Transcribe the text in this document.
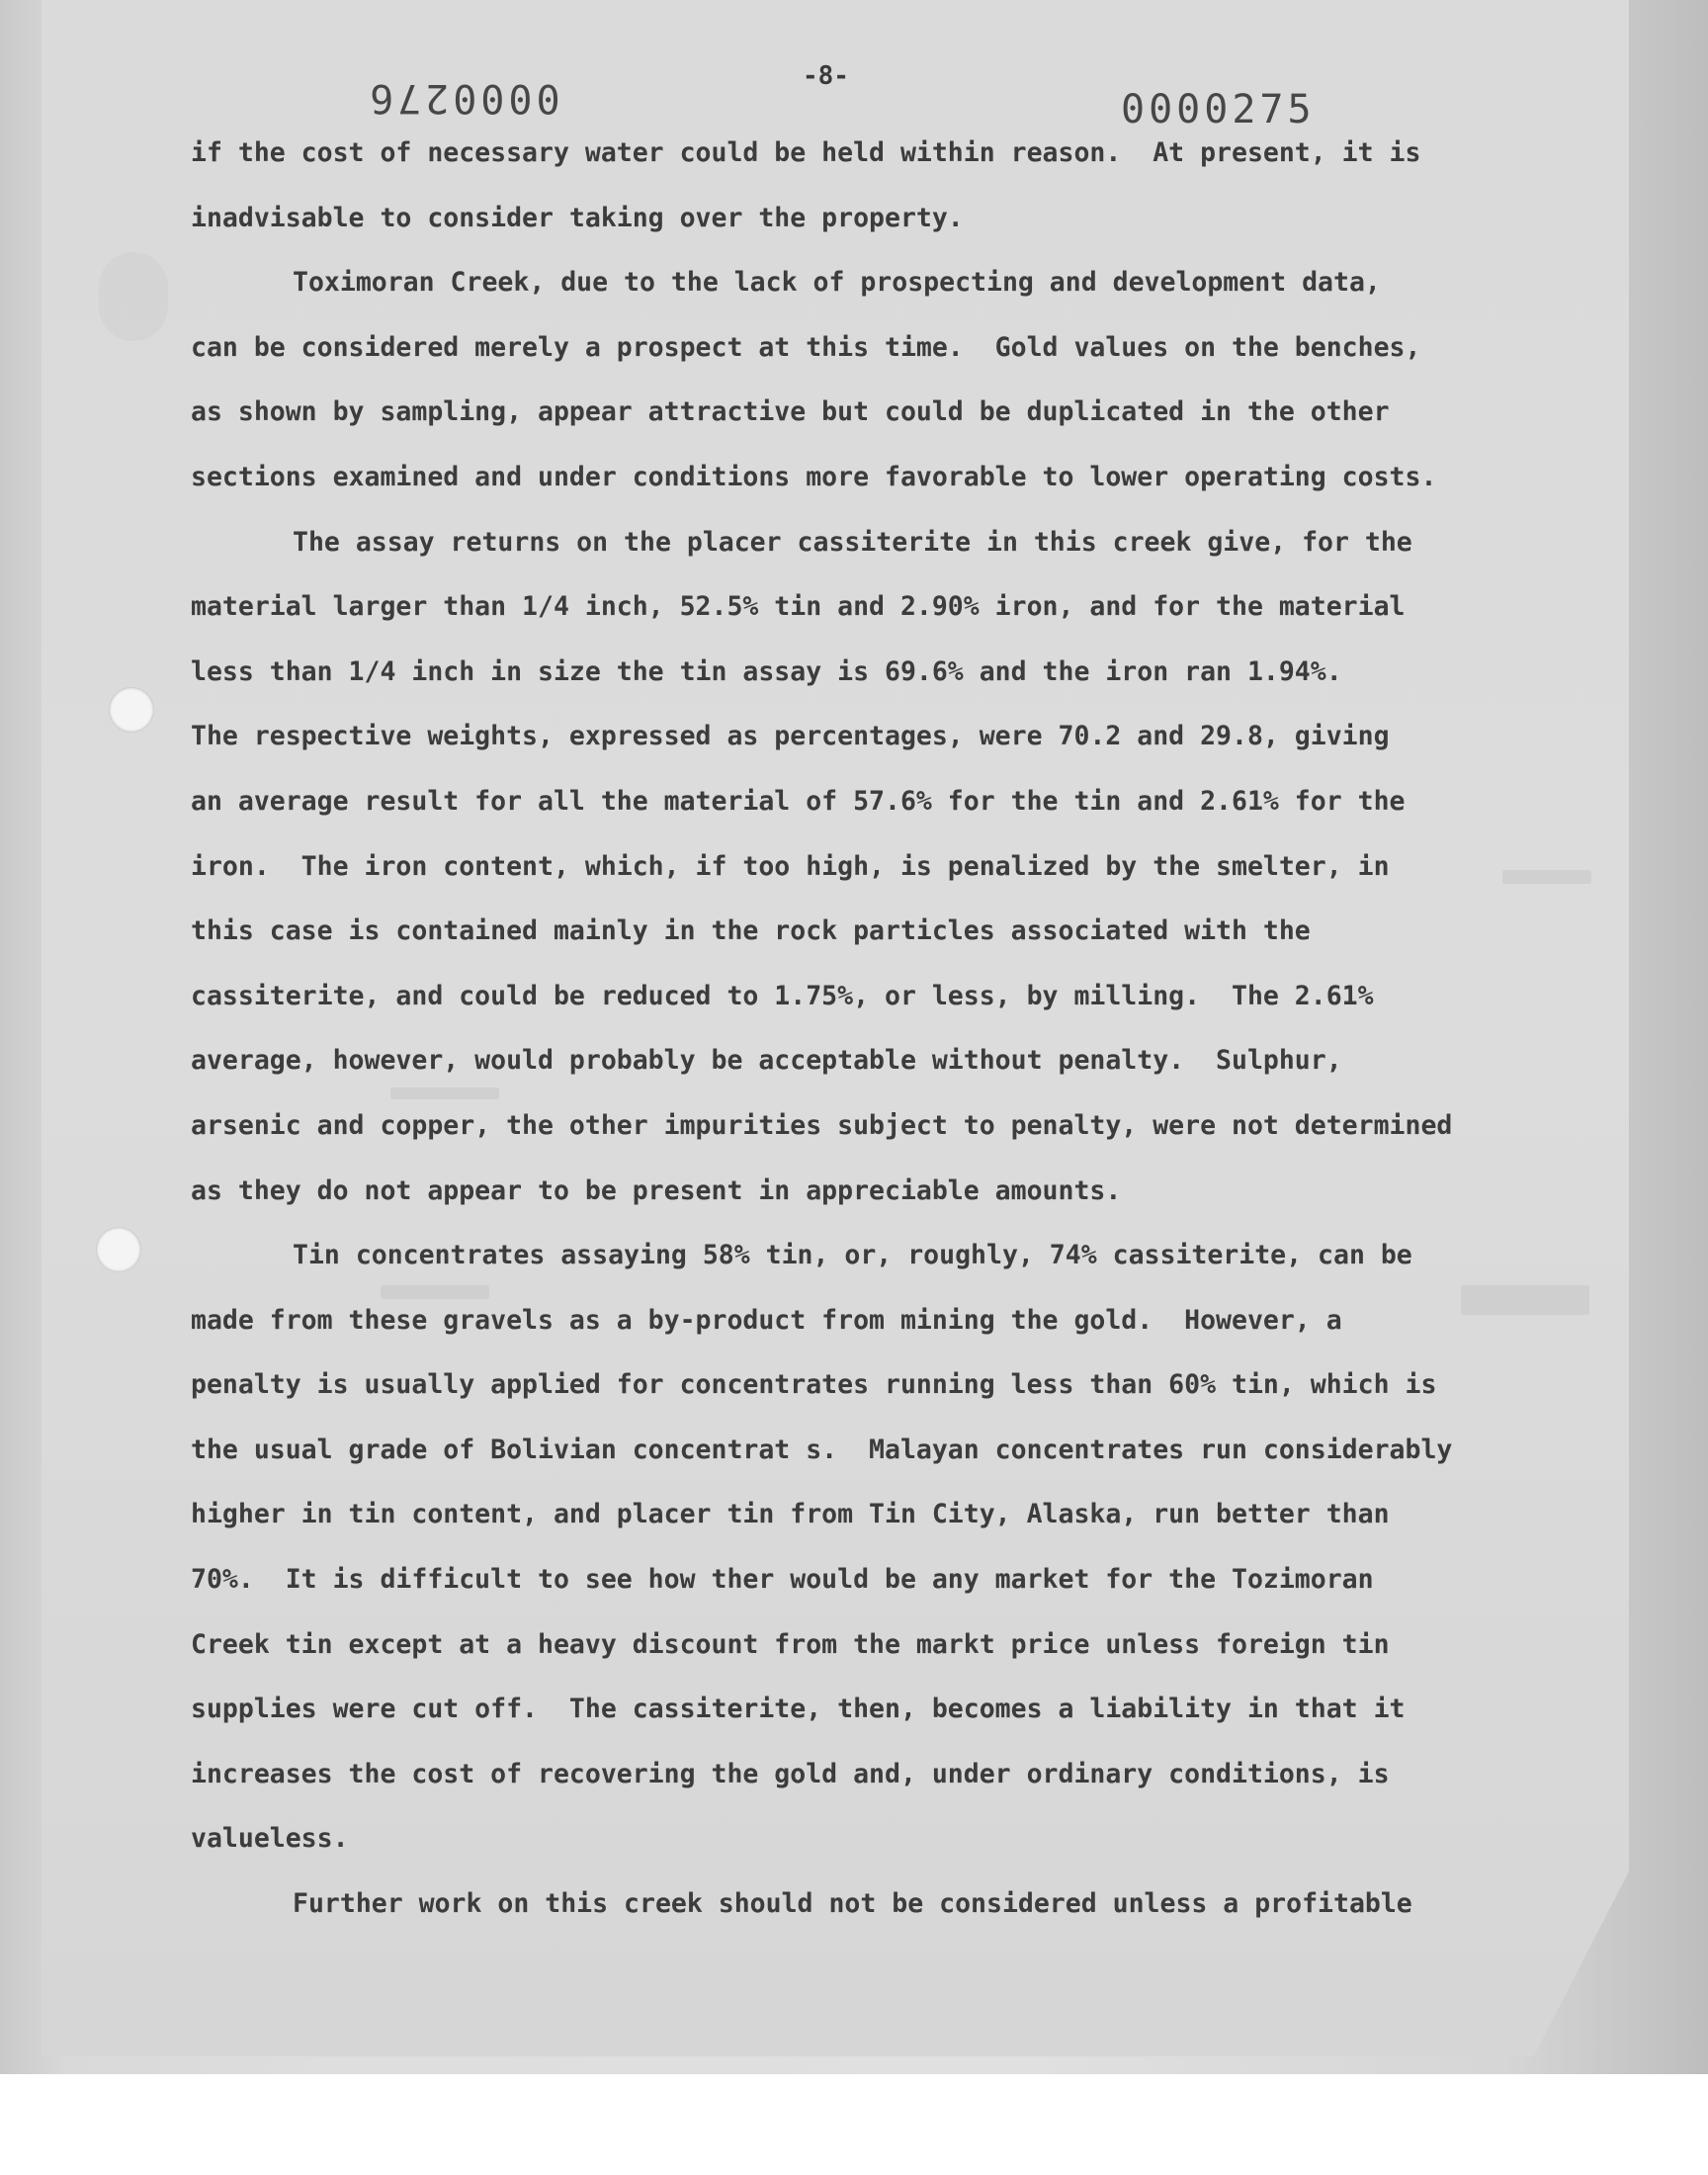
-8-
0000276	0000275

if the cost of necessary water could be held within reason.  At present, it is

inadvisable to consider taking over the property.

Toximoran Creek, due to the lack of prospecting and development data,

can be considered merely a prospect at this time.  Gold values on the benches,

as shown by sampling, appear attractive but could be duplicated in the other

sections examined and under conditions more favorable to lower operating costs.

The assay returns on the placer cassiterite in this creek give, for the

material larger than 1/4 inch, 52.5% tin and 2.90% iron, and for the material

less than 1/4 inch in size the tin assay is 69.6% and the iron ran 1.94%.

The respective weights, expressed as percentages, were 70.2 and 29.8, giving

an average result for all the material of 57.6% for the tin and 2.61% for the

iron.  The iron content, which, if too high, is penalized by the smelter, in

this case is contained mainly in the rock particles associated with the

cassiterite, and could be reduced to 1.75%, or less, by milling.  The 2.61%

average, however, would probably be acceptable without penalty.  Sulphur,

arsenic and copper, the other impurities subject to penalty, were not determined

as they do not appear to be present in appreciable amounts.

Tin concentrates assaying 58% tin, or, roughly, 74% cassiterite, can be

made from these gravels as a by-product from mining the gold.  However, a

penalty is usually applied for concentrates running less than 60% tin, which is

the usual grade of Bolivian concentrat s.  Malayan concentrates run considerably

higher in tin content, and placer tin from Tin City, Alaska, run better than

70%.  It is difficult to see how ther would be any market for the Tozimoran

Creek tin except at a heavy discount from the markt price unless foreign tin

supplies were cut off.  The cassiterite, then, becomes a liability in that it

increases the cost of recovering the gold and, under ordinary conditions, is

valueless.

Further work on this creek should not be considered unless a profitable
